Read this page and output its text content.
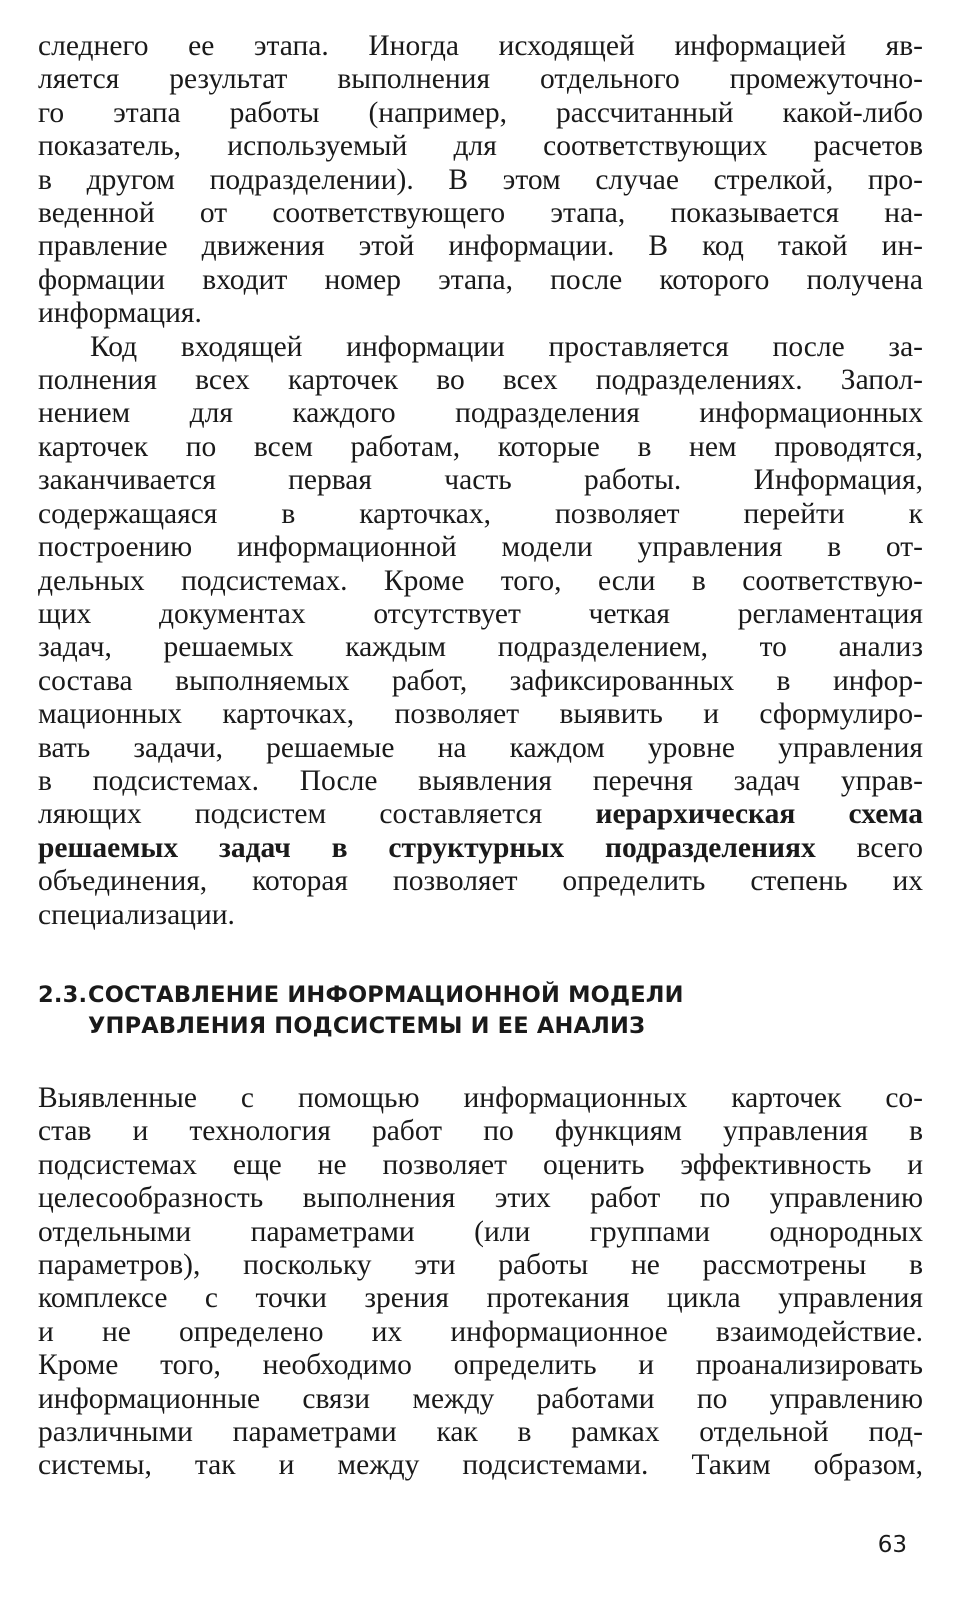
следнего ее этапа. Иногда исходящей информацией яв-
ляется результат выполнения отдельного промежуточно-
го этапа работы (например, рассчитанный какой-либо
показатель, используемый для соответствующих расчетов
в другом подразделении). В этом случае стрелкой, про-
веденной от соответствующего этапа, показывается на-
правление движения этой информации. В код такой ин-
формации входит номер этапа, после которого получена
информация.

Код входящей информации проставляется после за-
полнения всех карточек во всех подразделениях. Запол-
нением для каждого подразделения информационных
карточек по всем работам, которые в нем проводятся,
заканчивается первая часть работы. Информация,
содержащаяся в карточках, позволяет перейти к
построению информационной модели управления в от-
дельных подсистемах. Кроме того, если в соответствую-
щих документах отсутствует четкая регламентация
задач, решаемых каждым подразделением, то анализ
состава выполняемых работ, зафиксированных в инфор-
мационных карточках, позволяет выявить и сформулиро-
вать задачи, решаемые на каждом уровне управления
в подсистемах. После выявления перечня задач управ-
ляющих подсистем составляется иерархическая схема
решаемых задач в структурных подразделениях всего
объединения, которая позволяет определить степень их
специализации.

2.3.СОСТАВЛЕНИЕ ИНФОРМАЦИОННОЙ МОДЕЛИ
УПРАВЛЕНИЯ ПОДСИСТЕМЫ И ЕЕ АНАЛИЗ

Выявленные с помощью информационных карточек со-
став и технология работ по функциям управления в
подсистемах еще не позволяет оценить эффективность и
целесообразность выполнения этих работ по управлению
отдельными параметрами (или группами однородных
параметров), поскольку эти работы не рассмотрены в
комплексе с точки зрения протекания цикла управления
и не определено их информационное взаимодействие.
Кроме того, необходимо определить и проанализировать
информационные связи между работами по управлению
различными параметрами как в рамках отдельной под-
системы, так и между подсистемами. Таким образом,

63
